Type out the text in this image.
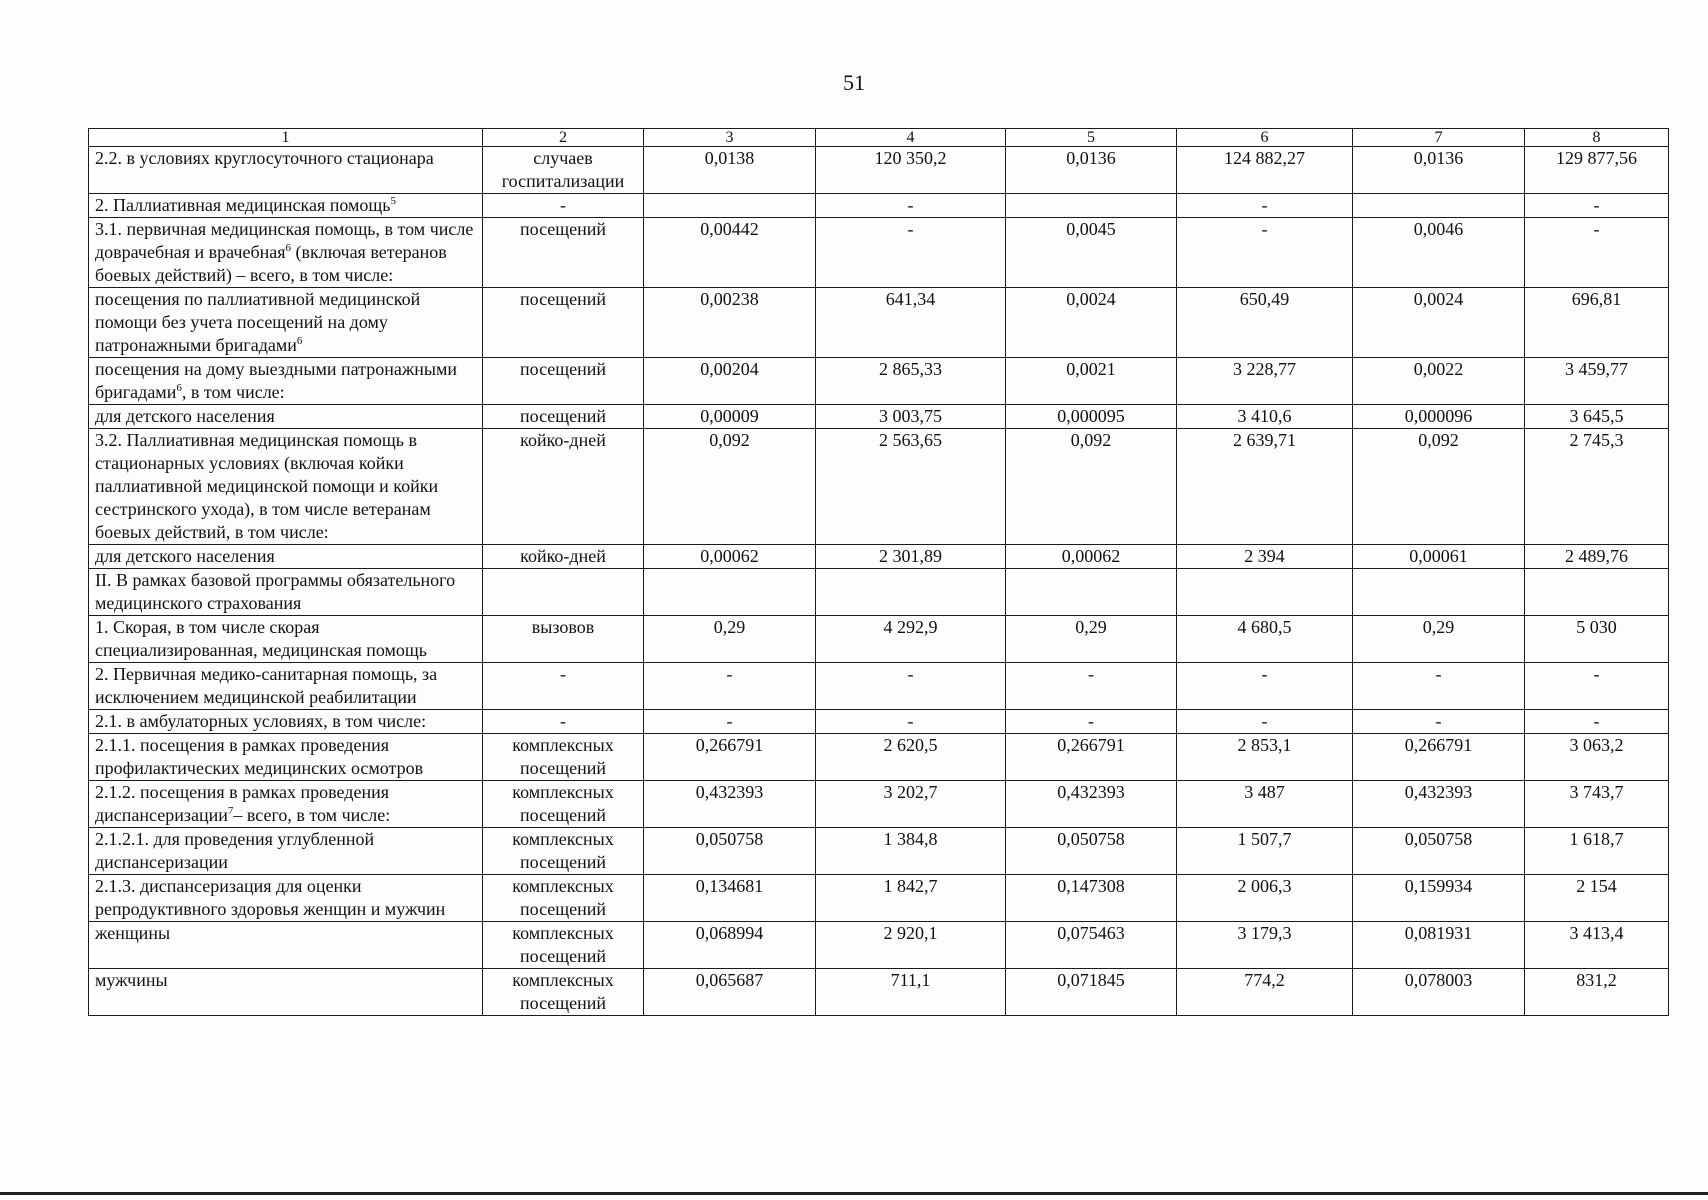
51
1	2	3	4	5	6	7	8
2.2. в условиях круглосуточного стационара	случаев госпитализации	0,0138	120 350,2	0,0136	124 882,27	0,0136	129 877,56
2. Паллиативная медицинская помощь$^5$	-		-		-		-
3.1. первичная медицинская помощь, в том числе доврачебная и врачебная$^6$ (включая ветеранов боевых действий) – всего, в том числе:	посещений	0,00442	-	0,0045	-	0,0046	-
посещения по паллиативной медицинской помощи без учета посещений на дому патронажными бригадами$^6$	посещений	0,00238	641,34	0,0024	650,49	0,0024	696,81
посещения на дому выездными патронажными бригадами$^6$, в том числе:	посещений	0,00204	2 865,33	0,0021	3 228,77	0,0022	3 459,77
для детского населения	посещений	0,00009	3 003,75	0,000095	3 410,6	0,000096	3 645,5
3.2. Паллиативная медицинская помощь в стационарных условиях (включая койки паллиативной медицинской помощи и койки сестринского ухода), в том числе ветеранам боевых действий, в том числе:	койко-дней	0,092	2 563,65	0,092	2 639,71	0,092	2 745,3
для детского населения	койко-дней	0,00062	2 301,89	0,00062	2 394	0,00061	2 489,76
II. В рамках базовой программы обязательного медицинского страхования							
1. Скорая, в том числе скорая специализированная, медицинская помощь	вызовов	0,29	4 292,9	0,29	4 680,5	0,29	5 030
2. Первичная медико-санитарная помощь, за исключением медицинской реабилитации	-	-	-	-	-	-	-
2.1. в амбулаторных условиях, в том числе:	-	-	-	-	-	-	-
2.1.1. посещения в рамках проведения профилактических медицинских осмотров	комплексных посещений	0,266791	2 620,5	0,266791	2 853,1	0,266791	3 063,2
2.1.2. посещения в рамках проведения диспансеризации$^7$– всего, в том числе:	комплексных посещений	0,432393	3 202,7	0,432393	3 487	0,432393	3 743,7
2.1.2.1. для проведения углубленной диспансеризации	комплексных посещений	0,050758	1 384,8	0,050758	1 507,7	0,050758	1 618,7
2.1.3. диспансеризация для оценки репродуктивного здоровья женщин и мужчин	комплексных посещений	0,134681	1 842,7	0,147308	2 006,3	0,159934	2 154
женщины	комплексных посещений	0,068994	2 920,1	0,075463	3 179,3	0,081931	3 413,4
мужчины	комплексных посещений	0,065687	711,1	0,071845	774,2	0,078003	831,2
